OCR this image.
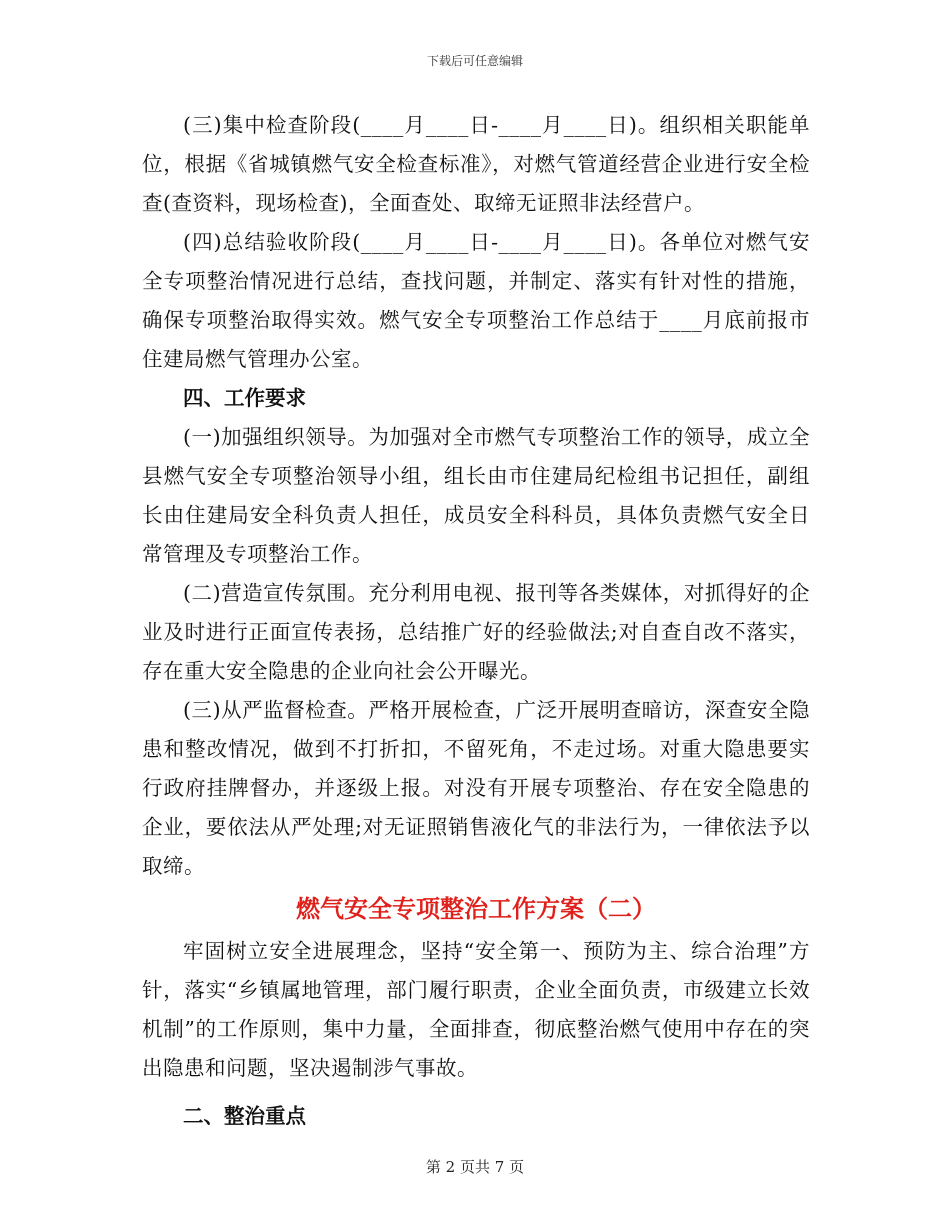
下载后可任意编辑

(三)集中检查阶段(____月____日-____月____日)。组织相关职能单位，根据《省城镇燃气安全检查标准》，对燃气管道经营企业进行安全检查(查资料，现场检查)，全面查处、取缔无证照非法经营户。

(四)总结验收阶段(____月____日-____月____日)。各单位对燃气安全专项整治情况进行总结，查找问题，并制定、落实有针对性的措施，确保专项整治取得实效。燃气安全专项整治工作总结于____月底前报市住建局燃气管理办公室。

四、工作要求

(一)加强组织领导。为加强对全市燃气专项整治工作的领导，成立全县燃气安全专项整治领导小组，组长由市住建局纪检组书记担任，副组长由住建局安全科负责人担任，成员安全科科员，具体负责燃气安全日常管理及专项整治工作。

(二)营造宣传氛围。充分利用电视、报刊等各类媒体，对抓得好的企业及时进行正面宣传表扬，总结推广好的经验做法;对自查自改不落实，存在重大安全隐患的企业向社会公开曝光。

(三)从严监督检查。严格开展检查，广泛开展明查暗访，深查安全隐患和整改情况，做到不打折扣，不留死角，不走过场。对重大隐患要实行政府挂牌督办，并逐级上报。对没有开展专项整治、存在安全隐患的企业，要依法从严处理;对无证照销售液化气的非法行为，一律依法予以取缔。

燃气安全专项整治工作方案（二）

牢固树立安全进展理念，坚持“安全第一、预防为主、综合治理”方针，落实“乡镇属地管理，部门履行职责，企业全面负责，市级建立长效机制”的工作原则，集中力量，全面排查，彻底整治燃气使用中存在的突出隐患和问题，坚决遏制涉气事故。

二、整治重点

第 2 页共 7 页
